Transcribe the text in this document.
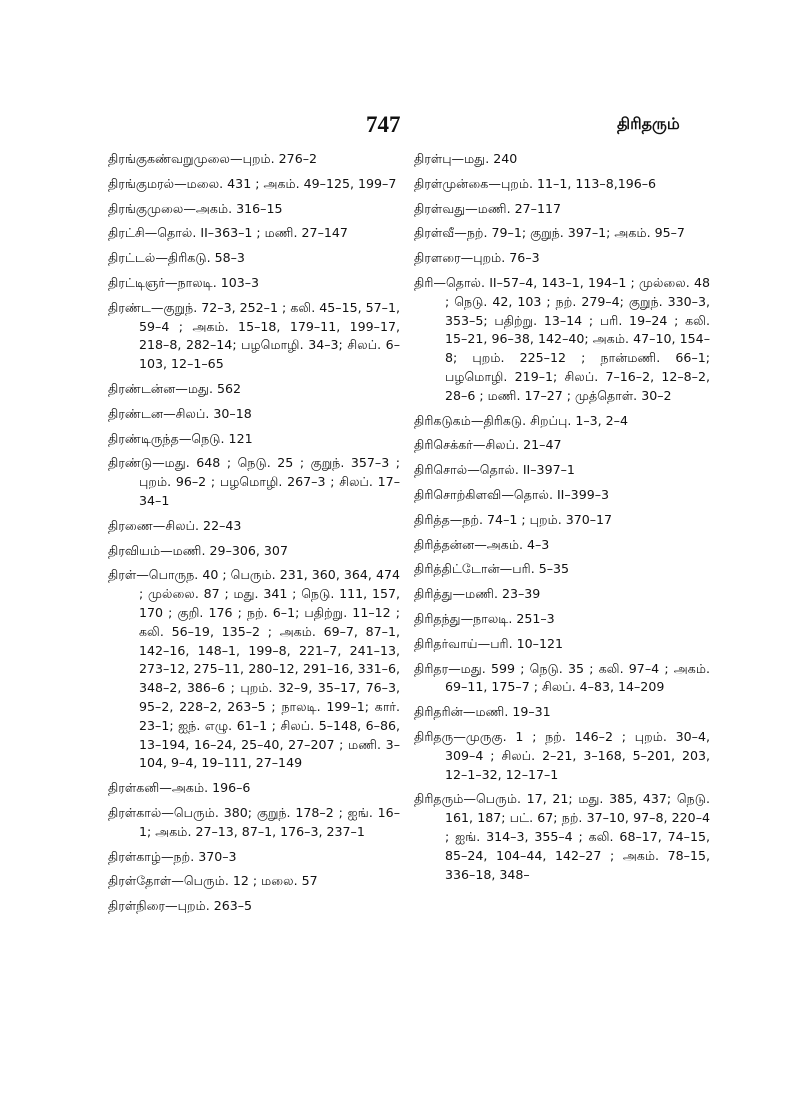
747	திரிதரும்
திரங்குகண்வறுமுலை—புறம். 276–2
திரங்குமரல்—மலை. 431 ; அகம். 49–125, 199–7
திரங்குமுலை—அகம். 316–15
திரட்சி—தொல். II–363–1 ; மணி. 27–147
திரட்டல்—திரிகடு. 58–3
திரட்டிஞர்—நாலடி. 103–3
திரண்ட—குறுந். 72–3, 252–1 ; கலி. 45–15, 57–1, 59–4 ; அகம். 15–18, 179–11, 199–17, 218–8, 282–14; பழமொழி. 34–3; சிலப். 6–103, 12–1–65
திரண்டன்ன—மது. 562
திரண்டன—சிலப். 30–18
திரண்டிருந்த—நெடு. 121
திரண்டு—மது. 648 ; நெடு. 25 ; குறுந். 357–3 ; புறம். 96–2 ; பழமொழி. 267–3 ; சிலப். 17–34–1
திரணை—சிலப். 22–43
திரவியம்—மணி. 29–306, 307
திரள்—பொருந. 40 ; பெரும். 231, 360, 364, 474 ; முல்லை. 87 ; மது. 341 ; நெடு. 111, 157, 170 ; குறி. 176 ; நற். 6–1; பதிற்று. 11–12 ; கலி. 56–19, 135–2 ; அகம். 69–7, 87–1, 142–16, 148–1, 199–8, 221–7, 241–13, 273–12, 275–11, 280–12, 291–16, 331–6, 348–2, 386–6 ; புறம். 32–9, 35–17, 76–3, 95–2, 228–2, 263–5 ; நாலடி. 199–1; கார். 23–1; ஐந். எழு. 61–1 ; சிலப். 5–148, 6–86, 13–194, 16–24, 25–40, 27–207 ; மணி. 3–104, 9–4, 19–111, 27–149
திரள்கனி—அகம். 196–6
திரள்கால்—பெரும். 380; குறுந். 178–2 ; ஐங். 16–1; அகம். 27–13, 87–1, 176–3, 237–1
திரள்காழ்—நற். 370–3
திரள்தோள்—பெரும். 12 ; மலை. 57
திரள்நிரை—புறம். 263–5
திரள்பு—மது. 240
திரள்முன்கை—புறம். 11–1, 113–8,196–6
திரள்வது—மணி. 27–117
திரள்வீ—நற். 79–1; குறுந். 397–1; அகம். 95–7
திரளரை—புறம். 76–3
திரி—தொல். II–57–4, 143–1, 194–1 ; முல்லை. 48 ; நெடு. 42, 103 ; நற். 279–4; குறுந். 330–3, 353–5; பதிற்று. 13–14 ; பரி. 19–24 ; கலி. 15–21, 96–38, 142–40; அகம். 47–10, 154–8; புறம். 225–12 ; நான்மணி. 66–1; பழமொழி. 219–1; சிலப். 7–16–2, 12–8–2, 28–6 ; மணி. 17–27 ; முத்தொள். 30–2
திரிகடுகம்—திரிகடு. சிறப்பு. 1–3, 2–4
திரிசெக்கர்—சிலப். 21–47
திரிசொல்—தொல். II–397–1
திரிசொற்கிளவி—தொல். II–399–3
திரித்த—நற். 74–1 ; புறம். 370–17
திரித்தன்ன—அகம். 4–3
திரித்திட்டோன்—பரி. 5–35
திரித்து—மணி. 23–39
திரிதந்து—நாலடி. 251–3
திரிதர்வாய்—பரி. 10–121
திரிதர—மது. 599 ; நெடு. 35 ; கலி. 97–4 ; அகம். 69–11, 175–7 ; சிலப். 4–83, 14–209
திரிதரின்—மணி. 19–31
திரிதரு—முருகு. 1 ; நற். 146–2 ; புறம். 30–4, 309–4 ; சிலப். 2–21, 3–168, 5–201, 203, 12–1–32, 12–17–1
திரிதரும்—பெரும். 17, 21; மது. 385, 437; நெடு. 161, 187; பட். 67; நற். 37–10, 97–8, 220–4 ; ஐங். 314–3, 355–4 ; கலி. 68–17, 74–15, 85–24, 104–44, 142–27 ; அகம். 78–15, 336–18, 348–
